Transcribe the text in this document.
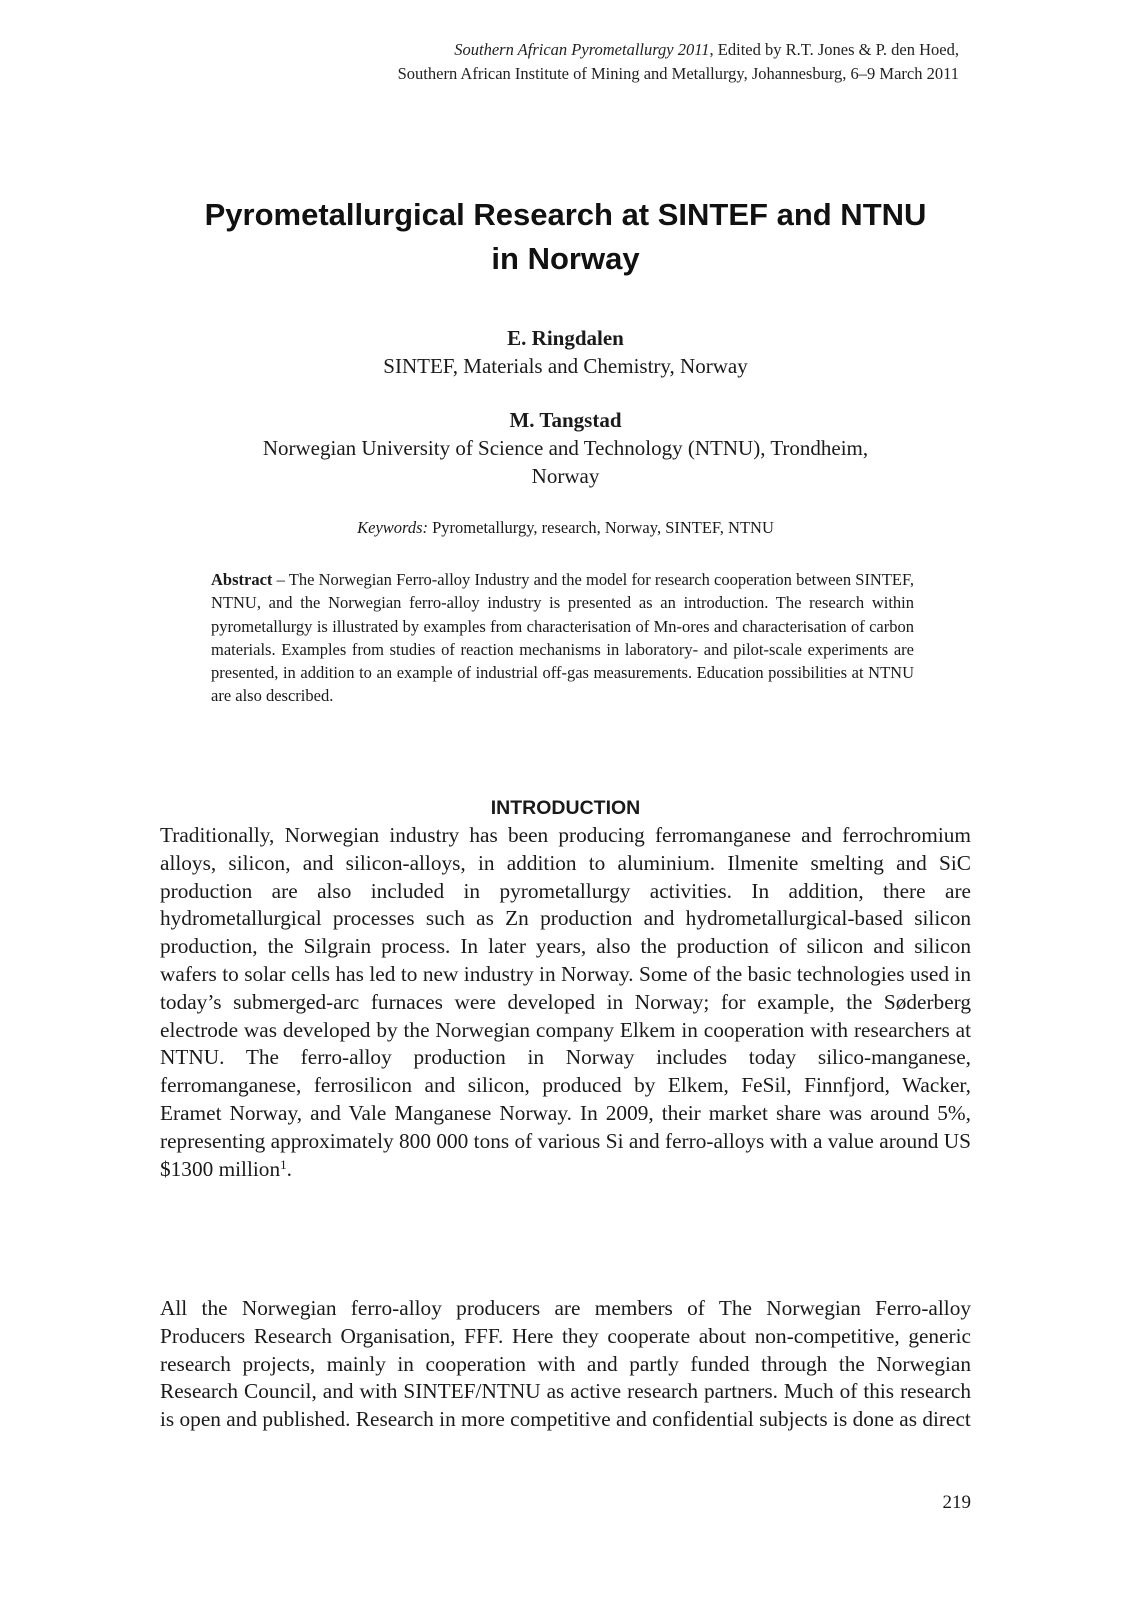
Southern African Pyrometallurgy 2011, Edited by R.T. Jones & P. den Hoed,
Southern African Institute of Mining and Metallurgy, Johannesburg, 6–9 March 2011
Pyrometallurgical Research at SINTEF and NTNU
in Norway
E. Ringdalen
SINTEF, Materials and Chemistry, Norway
M. Tangstad
Norwegian University of Science and Technology (NTNU), Trondheim,
Norway
Keywords: Pyrometallurgy, research, Norway, SINTEF, NTNU

Abstract – The Norwegian Ferro-alloy Industry and the model for research cooperation between SINTEF, NTNU, and the Norwegian ferro-alloy industry is presented as an introduction. The research within pyrometallurgy is illustrated by examples from characterisation of Mn-ores and characterisation of carbon materials. Examples from studies of reaction mechanisms in laboratory- and pilot-scale experiments are presented, in addition to an example of industrial off-gas measurements. Education possibilities at NTNU are also described.

INTRODUCTION

Traditionally, Norwegian industry has been producing ferromanganese and ferrochromium alloys, silicon, and silicon-alloys, in addition to aluminium. Ilmenite smelting and SiC production are also included in pyrometallurgy activities. In addition, there are hydrometallurgical processes such as Zn production and hydrometallurgical-based silicon production, the Silgrain process. In later years, also the production of silicon and silicon wafers to solar cells has led to new industry in Norway. Some of the basic technologies used in today’s submerged-arc furnaces were developed in Norway; for example, the Søderberg electrode was developed by the Norwegian company Elkem in cooperation with researchers at NTNU. The ferro-alloy production in Norway includes today silico-manganese, ferromanganese, ferrosilicon and silicon, produced by Elkem, FeSil, Finnfjord, Wacker, Eramet Norway, and Vale Manganese Norway. In 2009, their market share was around 5%, representing approximately 800 000 tons of various Si and ferro-alloys with a value around US $1300 million$^1$.

All the Norwegian ferro-alloy producers are members of The Norwegian Ferro-alloy Producers Research Organisation, FFF. Here they cooperate about non-competitive, generic research projects, mainly in cooperation with and partly funded through the Norwegian Research Council, and with SINTEF/NTNU as active research partners. Much of this research is open and published. Research in more competitive and confidential subjects is done as direct

219
